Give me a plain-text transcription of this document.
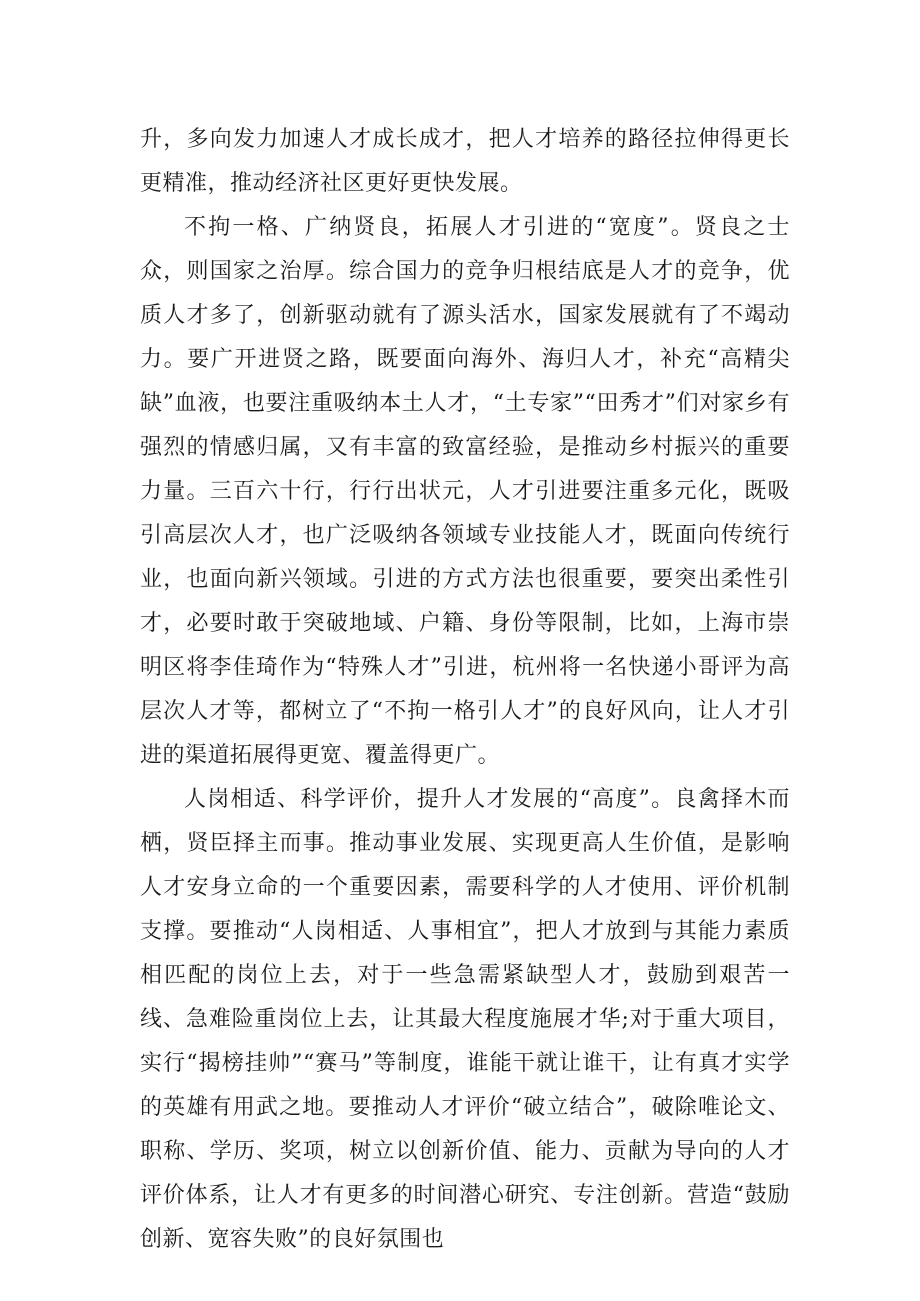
升，多向发力加速人才成长成才，把人才培养的路径拉伸得更长更精准，推动经济社区更好更快发展。

不拘一格、广纳贤良，拓展人才引进的“宽度”。贤良之士众，则国家之治厚。综合国力的竞争归根结底是人才的竞争，优质人才多了，创新驱动就有了源头活水，国家发展就有了不竭动力。要广开进贤之路，既要面向海外、海归人才，补充“高精尖缺”血液，也要注重吸纳本土人才，“土专家”“田秀才”们对家乡有强烈的情感归属，又有丰富的致富经验，是推动乡村振兴的重要力量。三百六十行，行行出状元，人才引进要注重多元化，既吸引高层次人才，也广泛吸纳各领域专业技能人才，既面向传统行业，也面向新兴领域。引进的方式方法也很重要，要突出柔性引才，必要时敢于突破地域、户籍、身份等限制，比如，上海市崇明区将李佳琦作为“特殊人才”引进，杭州将一名快递小哥评为高层次人才等，都树立了“不拘一格引人才”的良好风向，让人才引进的渠道拓展得更宽、覆盖得更广。

人岗相适、科学评价，提升人才发展的“高度”。良禽择木而栖，贤臣择主而事。推动事业发展、实现更高人生价值，是影响人才安身立命的一个重要因素，需要科学的人才使用、评价机制支撑。要推动“人岗相适、人事相宜”，把人才放到与其能力素质相匹配的岗位上去，对于一些急需紧缺型人才，鼓励到艰苦一线、急难险重岗位上去，让其最大程度施展才华;对于重大项目，实行“揭榜挂帅”“赛马”等制度，谁能干就让谁干，让有真才实学的英雄有用武之地。要推动人才评价“破立结合”，破除唯论文、职称、学历、奖项，树立以创新价值、能力、贡献为导向的人才评价体系，让人才有更多的时间潜心研究、专注创新。营造“鼓励创新、宽容失败”的良好氛围也
